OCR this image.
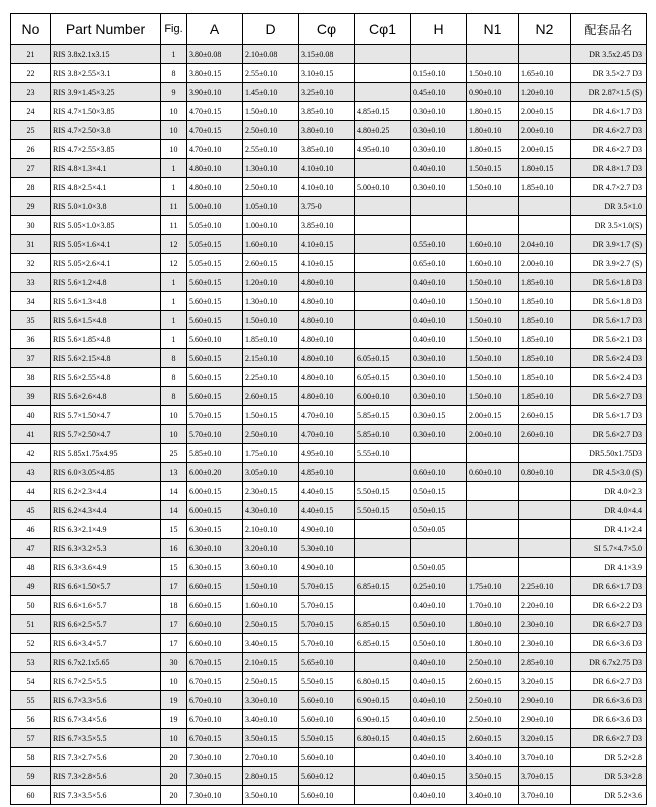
No	Part Number	Fig.	A	D	Cφ	Cφ1	H	N1	N2	配套品名
21	RIS 3.8x2.1x3.15	1	3.80±0.08	2.10±0.08	3.15±0.08					DR 3.5x2.45 D3
22	RIS 3.8×2.55×3.1	8	3.80±0.15	2.55±0.10	3.10±0.15		0.15±0.10	1.50±0.10	1.65±0.10	DR 3.5×2.7 D3
23	RIS 3.9×1.45×3.25	9	3.90±0.10	1.45±0.10	3.25±0.10		0.45±0.10	0.90±0.10	1.20±0.10	DR 2.87×1.5 (S)
24	RIS 4.7×1.50×3.85	10	4.70±0.15	1.50±0.10	3.85±0.10	4.85±0.15	0.30±0.10	1.80±0.15	2.00±0.15	DR 4.6×1.7 D3
25	RIS 4.7×2.50×3.8	10	4.70±0.15	2.50±0.10	3.80±0.10	4.80±0.25	0.30±0.10	1.80±0.10	2.00±0.10	DR 4.6×2.7 D3
26	RIS 4.7×2.55×3.85	10	4.70±0.10	2.55±0.10	3.85±0.10	4.95±0.10	0.30±0.10	1.80±0.15	2.00±0.15	DR 4.6×2.7 D3
27	RIS 4.8×1.3×4.1	1	4.80±0.10	1.30±0.10	4.10±0.10		0.40±0.10	1.50±0.15	1.80±0.15	DR 4.8×1.7 D3
28	RIS 4.8×2.5×4.1	1	4.80±0.10	2.50±0.10	4.10±0.10	5.00±0.10	0.30±0.10	1.50±0.10	1.85±0.10	DR 4.7×2.7 D3
29	RIS 5.0×1.0×3.8	11	5.00±0.10	1.05±0.10	3.75-0					DR 3.5×1.0
30	RIS 5.05×1.0×3.85	11	5.05±0.10	1.00±0.10	3.85±0.10					DR 3.5×1.0(S)
31	RIS 5.05×1.6×4.1	12	5.05±0.15	1.60±0.10	4.10±0.15		0.55±0.10	1.60±0.10	2.04±0.10	DR 3.9×1.7 (S)
32	RIS 5.05×2.6×4.1	12	5.05±0.15	2.60±0.15	4.10±0.15		0.65±0.10	1.60±0.10	2.00±0.10	DR 3.9×2.7 (S)
33	RIS 5.6×1.2×4.8	1	5.60±0.15	1.20±0.10	4.80±0.10		0.40±0.10	1.50±0.10	1.85±0.10	DR 5.6×1.8 D3
34	RIS 5.6×1.3×4.8	1	5.60±0.15	1.30±0.10	4.80±0.10		0.40±0.10	1.50±0.10	1.85±0.10	DR 5.6×1.8 D3
35	RIS 5.6×1.5×4.8	1	5.60±0.15	1.50±0.10	4.80±0.10		0.40±0.10	1.50±0.10	1.85±0.10	DR 5.6×1.7 D3
36	RIS 5.6×1.85×4.8	1	5.60±0.10	1.85±0.10	4.80±0.10		0.40±0.10	1.50±0.10	1.85±0.10	DR 5.6×2.1 D3
37	RIS 5.6×2.15×4.8	8	5.60±0.15	2.15±0.10	4.80±0.10	6.05±0.15	0.30±0.10	1.50±0.10	1.85±0.10	DR 5.6×2.4 D3
38	RIS 5.6×2.55×4.8	8	5.60±0.15	2.25±0.10	4.80±0.10	6.05±0.15	0.30±0.10	1.50±0.10	1.85±0.10	DR 5.6×2.4 D3
39	RIS 5.6×2.6×4.8	8	5.60±0.15	2.60±0.15	4.80±0.10	6.00±0.10	0.30±0.10	1.50±0.10	1.85±0.10	DR 5.6×2.7 D3
40	RIS 5.7×1.50×4.7	10	5.70±0.15	1.50±0.15	4.70±0.10	5.85±0.15	0.30±0.15	2.00±0.15	2.60±0.15	DR 5.6×1.7 D3
41	RIS 5.7×2.50×4.7	10	5.70±0.10	2.50±0.10	4.70±0.10	5.85±0.10	0.30±0.10	2.00±0.10	2.60±0.10	DR 5.6×2.7 D3
42	RIS 5.85x1.75x4.95	25	5.85±0.10	1.75±0.10	4.95±0.10	5.55±0.10				DR5.50x1.75D3
43	RIS 6.0×3.05×4.85	13	6.00±0.20	3.05±0.10	4.85±0.10		0.60±0.10	0.60±0.10	0.80±0.10	DR 4.5×3.0 (S)
44	RIS 6.2×2.3×4.4	14	6.00±0.15	2.30±0.15	4.40±0.15	5.50±0.15	0.50±0.15			DR 4.0×2.3
45	RIS 6.2×4.3×4.4	14	6.00±0.15	4.30±0.10	4.40±0.15	5.50±0.15	0.50±0.15			DR 4.0×4.4
46	RIS 6.3×2.1×4.9	15	6.30±0.15	2.10±0.10	4.90±0.10		0.50±0.05			DR 4.1×2.4
47	RIS 6.3×3.2×5.3	16	6.30±0.10	3.20±0.10	5.30±0.10					SI 5.7×4.7×5.0
48	RIS 6.3×3.6×4.9	15	6.30±0.15	3.60±0.10	4.90±0.10		0.50±0.05			DR 4.1×3.9
49	RIS 6.6×1.50×5.7	17	6.60±0.15	1.50±0.10	5.70±0.15	6.85±0.15	0.25±0.10	1.75±0.10	2.25±0.10	DR 6.6×1.7 D3
50	RIS 6.6×1.6×5.7	18	6.60±0.15	1.60±0.10	5.70±0.15		0.40±0.10	1.70±0.10	2.20±0.10	DR 6.6×2.2 D3
51	RIS 6.6×2.5×5.7	17	6.60±0.10	2.50±0.15	5.70±0.15	6.85±0.15	0.50±0.10	1.80±0.10	2.30±0.10	DR 6.6×2.7 D3
52	RIS 6.6×3.4×5.7	17	6.60±0.10	3.40±0.15	5.70±0.10	6.85±0.15	0.50±0.10	1.80±0.10	2.30±0.10	DR 6.6×3.6 D3
53	RIS 6.7x2.1x5.65	30	6.70±0.15	2.10±0.15	5.65±0.10		0.40±0.10	2.50±0.10	2.85±0.10	DR 6.7x2.75 D3
54	RIS 6.7×2.5×5.5	10	6.70±0.15	2.50±0.15	5.50±0.15	6.80±0.15	0.40±0.15	2.60±0.15	3.20±0.15	DR 6.6×2.7 D3
55	RIS 6.7×3.3×5.6	19	6.70±0.10	3.30±0.10	5.60±0.10	6.90±0.15	0.40±0.10	2.50±0.10	2.90±0.10	DR 6.6×3.6 D3
56	RIS 6.7×3.4×5.6	19	6.70±0.10	3.40±0.10	5.60±0.10	6.90±0.15	0.40±0.10	2.50±0.10	2.90±0.10	DR 6.6×3.6 D3
57	RIS 6.7×3.5×5.5	10	6.70±0.15	3.50±0.15	5.50±0.15	6.80±0.15	0.40±0.15	2.60±0.15	3.20±0.15	DR 6.6×2.7 D3
58	RIS 7.3×2.7×5.6	20	7.30±0.10	2.70±0.10	5.60±0.10		0.40±0.10	3.40±0.10	3.70±0.10	DR 5.2×2.8
59	RIS 7.3×2.8×5.6	20	7.30±0.15	2.80±0.15	5.60±0.12		0.40±0.15	3.50±0.15	3.70±0.15	DR 5.3×2.8
60	RIS 7.3×3.5×5.6	20	7.30±0.10	3.50±0.10	5.60±0.10		0.40±0.10	3.40±0.10	3.70±0.10	DR 5.2×3.6
